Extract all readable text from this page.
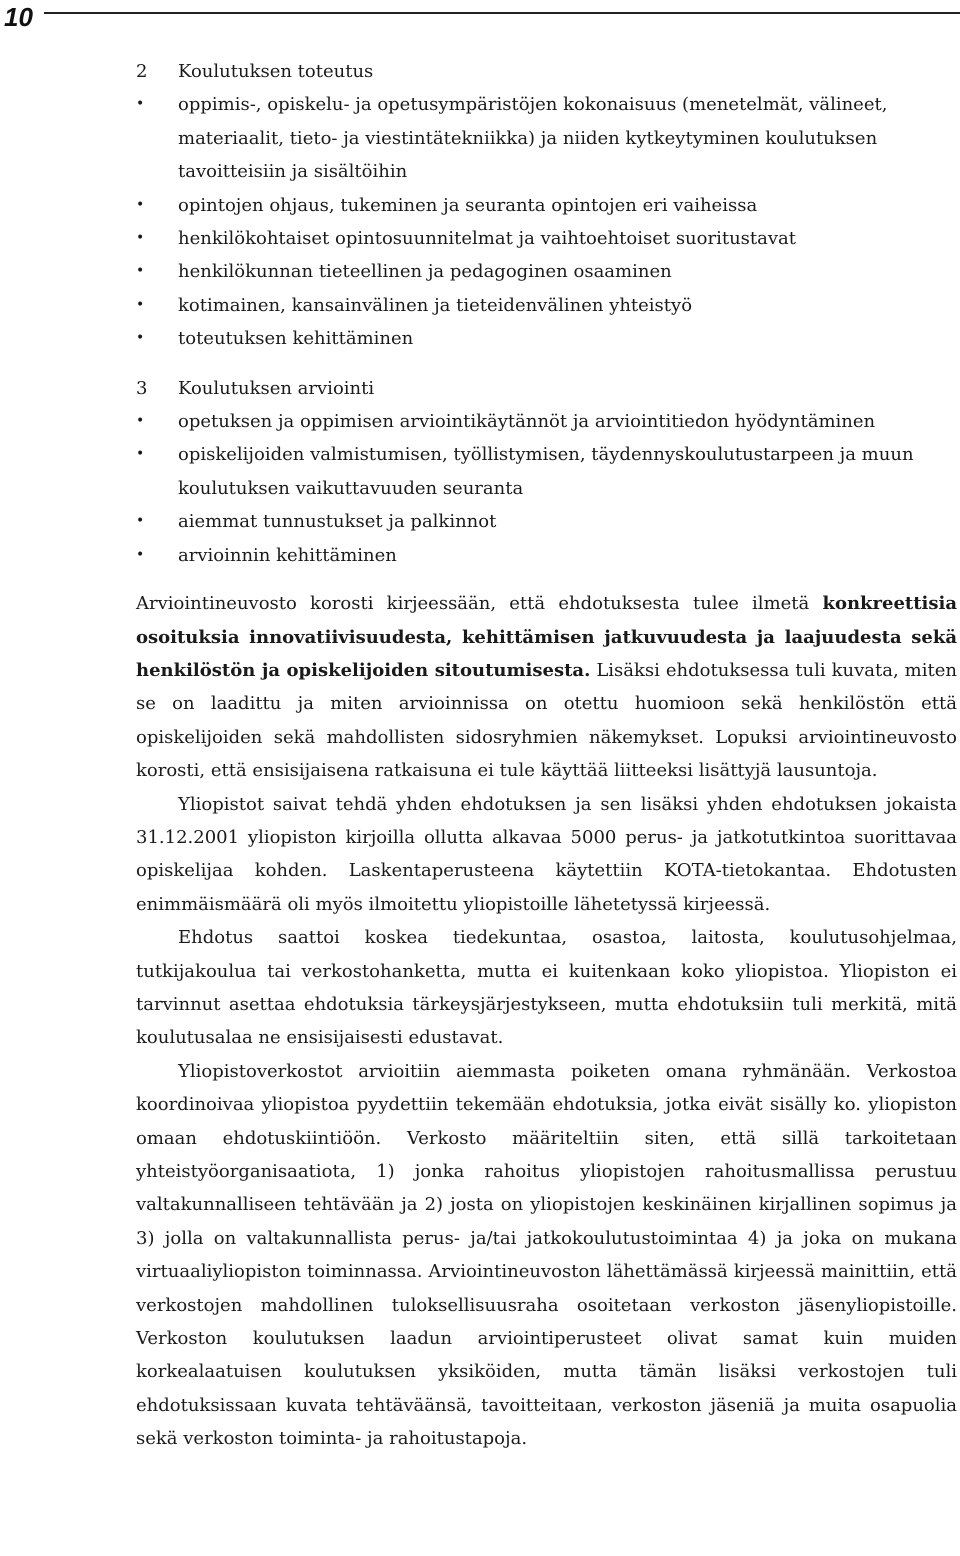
10
2 Koulutuksen toteutus
• oppimis-, opiskelu- ja opetusympäristöjen kokonaisuus (menetelmät, välineet, materiaalit, tieto- ja viestintätekniikka) ja niiden kytkeytyminen koulutuksen tavoitteisiin ja sisältöihin
• opintojen ohjaus, tukeminen ja seuranta opintojen eri vaiheissa
• henkilökohtaiset opintosuunnitelmat ja vaihtoehtoiset suoritustavat
• henkilökunnan tieteellinen ja pedagoginen osaaminen
• kotimainen, kansainvälinen ja tieteidenvälinen yhteistyö
• toteutuksen kehittäminen
3 Koulutuksen arviointi
• opetuksen ja oppimisen arviointikäytännöt ja arviointitiedon hyödyntäminen
• opiskelijoiden valmistumisen, työllistymisen, täydennyskoulutustarpeen ja muun koulutuksen vaikuttavuuden seuranta
• aiemmat tunnustukset ja palkinnot
• arvioinnin kehittäminen

Arviointineuvosto korosti kirjeessään, että ehdotuksesta tulee ilmetä konkreettisia osoituksia innovatiivisuudesta, kehittämisen jatkuvuudesta ja laajuudesta sekä henkilöstön ja opiskelijoiden sitoutumisesta. Lisäksi ehdotuksessa tuli kuvata, miten se on laadittu ja miten arvioinnissa on otettu huomioon sekä henkilöstön että opiskelijoiden sekä mahdollisten sidosryhmien näkemykset. Lopuksi arviointineuvosto korosti, että ensisijaisena ratkaisuna ei tule käyttää liitteeksi lisättyjä lausuntoja.

Yliopistot saivat tehdä yhden ehdotuksen ja sen lisäksi yhden ehdotuksen jokaista 31.12.2001 yliopiston kirjoilla ollutta alkavaa 5000 perus- ja jatkotutkintoa suorittavaa opiskelijaa kohden. Laskentaperusteena käytettiin KOTA-tietokantaa. Ehdotusten enimmäismäärä oli myös ilmoitettu yliopistoille lähetetyssä kirjeessä.

Ehdotus saattoi koskea tiedekuntaa, osastoa, laitosta, koulutusohjelmaa, tutkijakoulua tai verkostohanketta, mutta ei kuitenkaan koko yliopistoa. Yliopiston ei tarvinnut asettaa ehdotuksia tärkeysjärjestykseen, mutta ehdotuksiin tuli merkitä, mitä koulutusalaa ne ensisijaisesti edustavat.

Yliopistoverkostot arvioitiin aiemmasta poiketen omana ryhmänään. Verkostoa koordinoivaa yliopistoa pyydettiin tekemään ehdotuksia, jotka eivät sisälly ko. yliopiston omaan ehdotuskiintiöön. Verkosto määriteltiin siten, että sillä tarkoitetaan yhteistyöorganisaatiota, 1) jonka rahoitus yliopistojen rahoitusmallissa perustuu valtakunnalliseen tehtävään ja 2) josta on yliopistojen keskinäinen kirjallinen sopimus ja 3) jolla on valtakunnallista perus- ja/tai jatkokoulutustoimintaa 4) ja joka on mukana virtuaaliyliopiston toiminnassa. Arviointineuvoston lähettämässä kirjeessä mainittiin, että verkostojen mahdollinen tuloksellisuusraha osoitetaan verkoston jäsenyliopistoille. Verkoston koulutuksen laadun arviointiperusteet olivat samat kuin muiden korkealaatuisen koulutuksen yksiköiden, mutta tämän lisäksi verkostojen tuli ehdotuksissaan kuvata tehtäväänsä, tavoitteitaan, verkoston jäseniä ja muita osapuolia sekä verkoston toiminta- ja rahoitustapoja.
